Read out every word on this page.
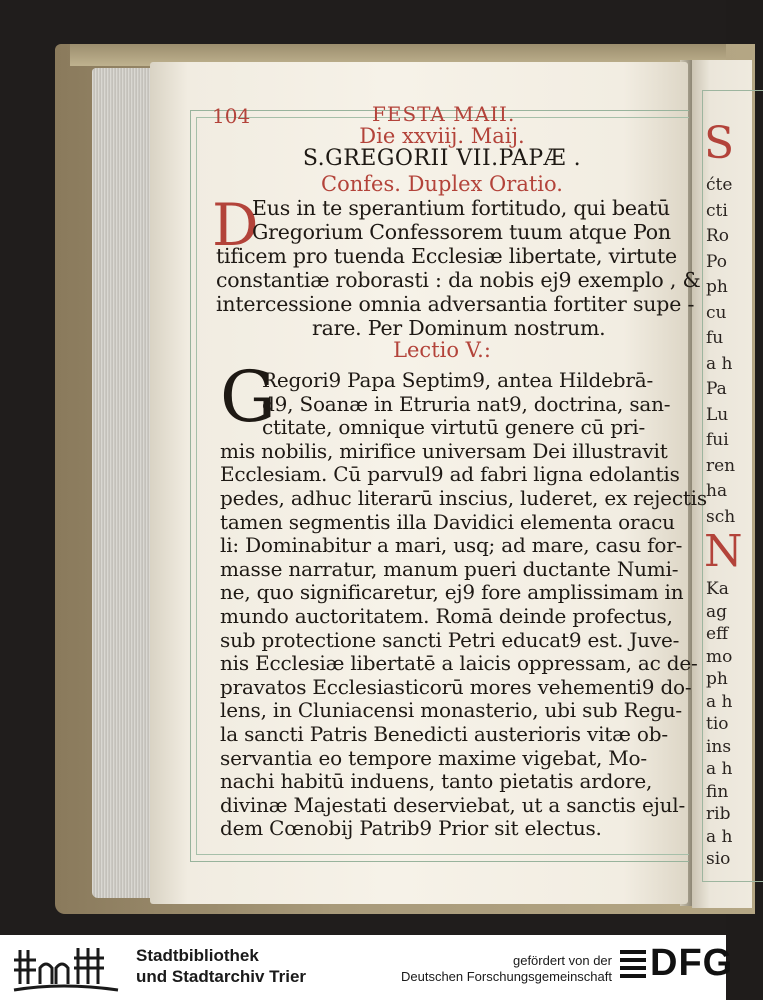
S
ćte
cti
Ro
Po
ph
cu
fu
a h
Pa
Lu
fui
ren
ha
sch
N
Ka
ag
eff
mo
ph
a h
tio
ins
a h
fin
rib
a h
sio
104	FESTA MAII.
Die xxviij. Maij.
S.GREGORII VII.PAPÆ .
Confes. Duplex Oratio.
D
Eus in te sperantium fortitudo, qui beatū
Gregorium Confessorem tuum atque Pon
tificem pro tuenda Ecclesiæ libertate, virtute
constantiæ roborasti : da nobis ej9 exemplo , &
intercessione omnia adversantia fortiter supe -
rare. Per Dominum nostrum.
Lectio V.:
G
Regori9 Papa Septim9, antea Hildebrā-
d9, Soanæ in Etruria nat9, doctrina, san-
ctitate, omnique virtutū genere cū pri-
mis nobilis, mirifice universam Dei illustravit
Ecclesiam. Cū parvul9 ad fabri ligna edolantis
pedes, adhuc literarū inscius, luderet, ex rejectis
tamen segmentis illa Davidici elementa oracu
li: Dominabitur a mari, usq; ad mare, casu for-
masse narratur, manum pueri ductante Numi-
ne, quo significaretur, ej9 fore amplissimam in
mundo auctoritatem. Romā deinde profectus,
sub protectione sancti Petri educat9 est. Juve-
nis Ecclesiæ libertatē a laicis oppressam, ac de-
pravatos Ecclesiasticorū mores vehementi9 do-
lens, in Cluniacensi monasterio, ubi sub Regu-
la sancti Patris Benedicti austerioris vitæ ob-
servantia eo tempore maxime vigebat, Mo-
nachi habitū induens, tanto pietatis ardore,
divinæ Majestati deserviebat, ut a sanctis ejul-
dem Cœnobij Patrib9 Prior sit electus.
Stadtbibliothek
und Stadtarchiv Trier
gefördert von der
Deutschen Forschungsgemeinschaft DFG
